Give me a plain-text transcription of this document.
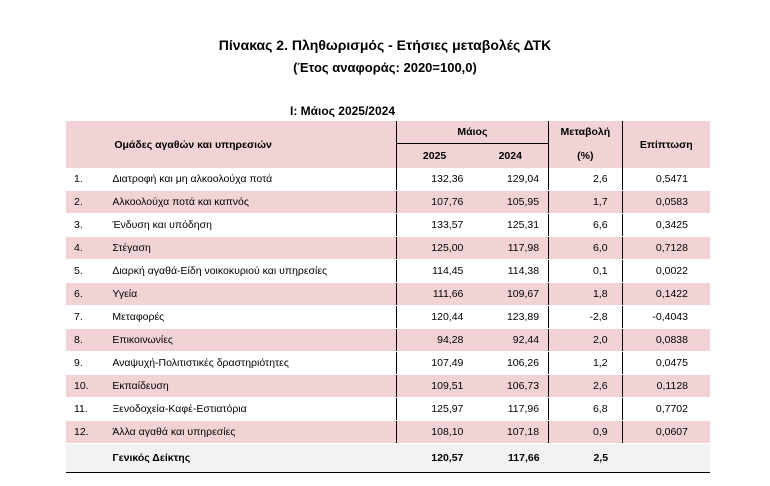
Πίνακας 2. Πληθωρισμός - Ετήσιες μεταβολές ΔΤΚ
(Έτος αναφοράς: 2020=100,0)
I: Μάιος 2025/2024
	Ομάδες αγαθών και υπηρεσιών	Μάιος		Μεταβολή	Επίπτωση
		2025	2024	(%)	
1.	Διατροφή και μη αλκοολούχα ποτά	132,36	129,04	2,6	0,5471
2.	Αλκοολούχα ποτά και καπνός	107,76	105,95	1,7	0,0583
3.	Ένδυση και υπόδηση	133,57	125,31	6,6	0,3425
4.	Στέγαση	125,00	117,98	6,0	0,7128
5.	Διαρκή αγαθά-Είδη νοικοκυριού και υπηρεσίες	114,45	114,38	0,1	0,0022
6.	Υγεία	111,66	109,67	1,8	0,1422
7.	Μεταφορές	120,44	123,89	-2,8	-0,4043
8.	Επικοινωνίες	94,28	92,44	2,0	0,0838
9.	Αναψυχή-Πολιτιστικές δραστηριότητες	107,49	106,26	1,2	0,0475
10.	Εκπαίδευση	109,51	106,73	2,6	0,1128
11.	Ξενοδοχεία-Καφέ-Εστιατόρια	125,97	117,96	6,8	0,7702
12.	Άλλα αγαθά και υπηρεσίες	108,10	107,18	0,9	0,0607
	Γενικός Δείκτης	120,57	117,66	2,5	
